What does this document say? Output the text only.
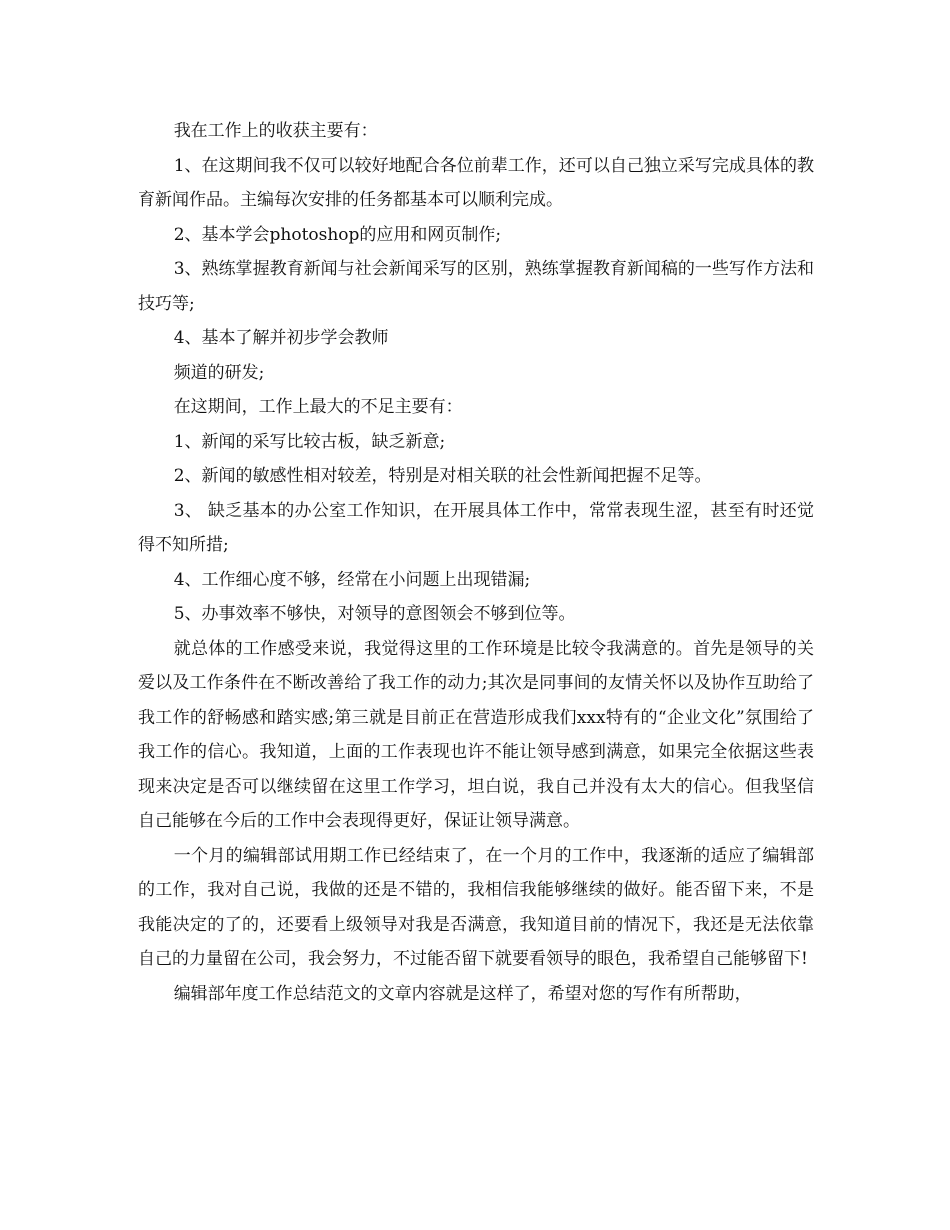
我在工作上的收获主要有：

1、在这期间我不仅可以较好地配合各位前辈工作，还可以自己独立采写完成具体的教育新闻作品。主编每次安排的任务都基本可以顺利完成。

2、基本学会photoshop的应用和网页制作;

3、熟练掌握教育新闻与社会新闻采写的区别，熟练掌握教育新闻稿的一些写作方法和技巧等;

4、基本了解并初步学会教师

频道的研发;

在这期间，工作上最大的不足主要有：

1、新闻的采写比较古板，缺乏新意;

2、新闻的敏感性相对较差，特别是对相关联的社会性新闻把握不足等。

3、 缺乏基本的办公室工作知识，在开展具体工作中，常常表现生涩，甚至有时还觉得不知所措;

4、工作细心度不够，经常在小问题上出现错漏;

5、办事效率不够快，对领导的意图领会不够到位等。

就总体的工作感受来说，我觉得这里的工作环境是比较令我满意的。首先是领导的关爱以及工作条件在不断改善给了我工作的动力;其次是同事间的友情关怀以及协作互助给了我工作的舒畅感和踏实感;第三就是目前正在营造形成我们xxx特有的“企业文化”氛围给了我工作的信心。我知道，上面的工作表现也许不能让领导感到满意，如果完全依据这些表现来决定是否可以继续留在这里工作学习，坦白说，我自己并没有太大的信心。但我坚信自己能够在今后的工作中会表现得更好，保证让领导满意。

一个月的编辑部试用期工作已经结束了，在一个月的工作中，我逐渐的适应了编辑部的工作，我对自己说，我做的还是不错的，我相信我能够继续的做好。能否留下来，不是我能决定的了的，还要看上级领导对我是否满意，我知道目前的情况下，我还是无法依靠自己的力量留在公司，我会努力，不过能否留下就要看领导的眼色，我希望自己能够留下!

编辑部年度工作总结范文的文章内容就是这样了，希望对您的写作有所帮助，
